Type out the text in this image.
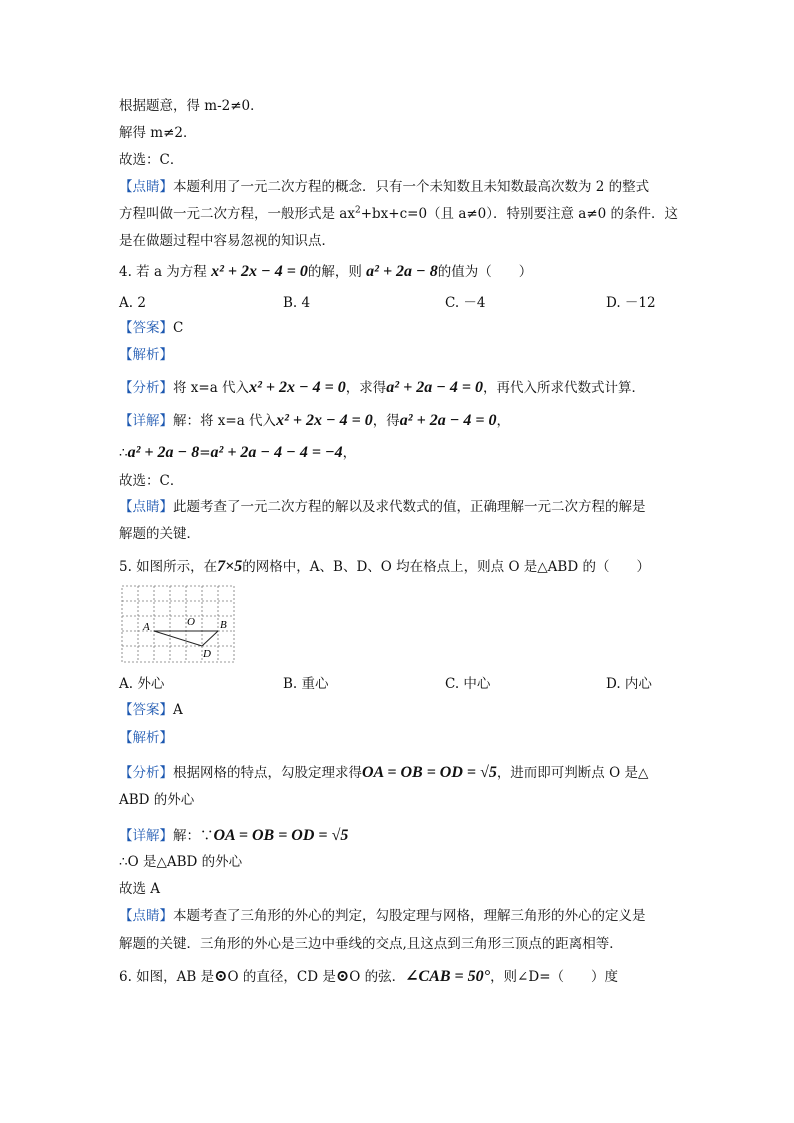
根据题意，得 m-2≠0．
解得 m≠2．
故选：C．
【点睛】本题利用了一元二次方程的概念．只有一个未知数且未知数最高次数为 2 的整式
方程叫做一元二次方程，一般形式是 $ax^2+bx+c=0$（且 a≠0）．特别要注意 a≠0 的条件．这
是在做题过程中容易忽视的知识点．
4. 若 a 为方程 x² + 2x − 4 = 0的解，则 a² + 2a − 8的值为（　　）
A. 2	B. 4	C. －4	D. －12
【答案】C
【解析】
【分析】将 x=a 代入x² + 2x − 4 = 0，求得a² + 2a − 4 = 0，再代入所求代数式计算．
【详解】解：将 x=a 代入x² + 2x − 4 = 0，得a² + 2a − 4 = 0，
∴a² + 2a − 8=a² + 2a − 4 − 4 = −4，
故选：C．
【点睛】此题考查了一元二次方程的解以及求代数式的值，正确理解一元二次方程的解是
解题的关键．
5. 如图所示，在7×5的网格中，A、B、D、O 均在格点上，则点 O 是△ABD 的（　　）
A	O B
D
A. 外心	B. 重心	C. 中心	D. 内心
【答案】A
【解析】
【分析】根据网格的特点，勾股定理求得OA = OB = OD = √5，进而即可判断点 O 是△
ABD 的外心
【详解】解：∵OA = OB = OD = √5
∴O 是△ABD 的外心
故选 A
【点睛】本题考查了三角形的外心的判定，勾股定理与网格，理解三角形的外心的定义是
解题的关键．三角形的外心是三边中垂线的交点,且这点到三角形三顶点的距离相等．
6. 如图，AB 是⊙O 的直径，CD 是⊙O 的弦．∠CAB = 50°，则∠D=（　　）度
